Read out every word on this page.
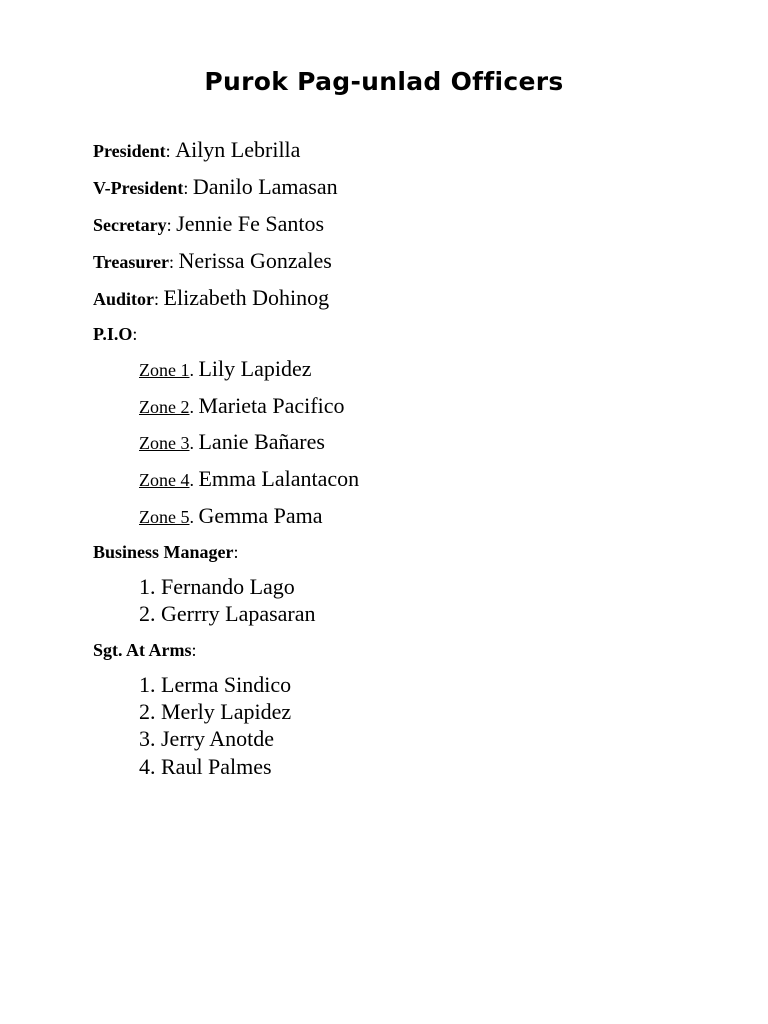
Purok Pag-unlad Officers
President: Ailyn Lebrilla
V-President: Danilo Lamasan
Secretary: Jennie Fe Santos
Treasurer: Nerissa Gonzales
Auditor: Elizabeth Dohinog
P.I.O:
Zone 1. Lily Lapidez
Zone 2. Marieta Pacifico
Zone 3. Lanie Bañares
Zone 4. Emma Lalantacon
Zone 5. Gemma Pama
Business Manager:
1. Fernando Lago
2. Gerrry Lapasaran
Sgt. At Arms:
1. Lerma Sindico
2. Merly Lapidez
3. Jerry Anotde
4. Raul Palmes
